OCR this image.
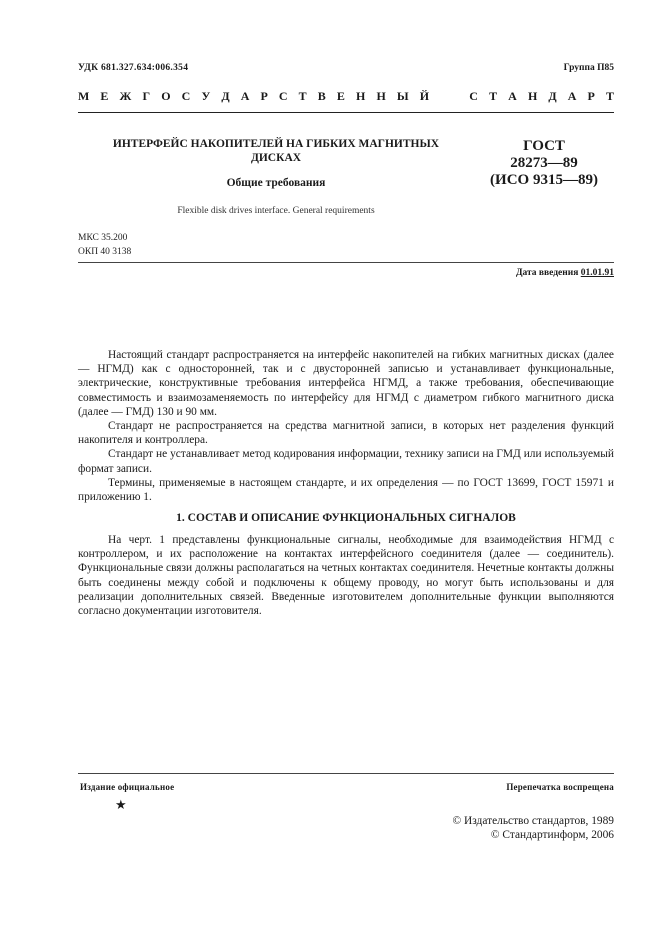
УДК 681.327.634:006.354	Группа П85
М Е Ж Г О С У Д А Р С Т В Е Н Н Ы Й	С Т А Н Д А Р Т
ИНТЕРФЕЙС НАКОПИТЕЛЕЙ НА ГИБКИХ МАГНИТНЫХ
ДИСКАХ
Общие требования
ГОСТ
28273—89
(ИСО 9315—89)
Flexible disk drives interface. General requirements
МКС 35.200
ОКП 40 3138
Дата введения 01.01.91

Настоящий стандарт распространяется на интерфейс накопителей на гибких магнитных дисках (далее — НГМД) как с односторонней, так и с двусторонней записью и устанавливает функциональные, электрические, конструктивные требования интерфейса НГМД, а также требования, обеспечивающие совместимость и взаимозаменяемость по интерфейсу для НГМД с диаметром гибкого магнитного диска (далее — ГМД) 130 и 90 мм.

Стандарт не распространяется на средства магнитной записи, в которых нет разделения функций накопителя и контроллера.

Стандарт не устанавливает метод кодирования информации, технику записи на ГМД или используемый формат записи.

Термины, применяемые в настоящем стандарте, и их определения — по ГОСТ 13699, ГОСТ 15971 и приложению 1.

1. СОСТАВ И ОПИСАНИЕ ФУНКЦИОНАЛЬНЫХ СИГНАЛОВ

На черт. 1 представлены функциональные сигналы, необходимые для взаимодействия НГМД с контроллером, и их расположение на контактах интерфейсного соединителя (далее — соединитель). Функциональные связи должны располагаться на четных контактах соединителя. Нечетные контакты должны быть соединены между собой и подключены к общему проводу, но могут быть использованы и для реализации дополнительных связей. Введенные изготовителем дополнительные функции выполняются согласно документации изготовителя.

Издание официальное	Перепечатка воспрещена
★
© Издательство стандартов, 1989
© Стандартинформ, 2006
